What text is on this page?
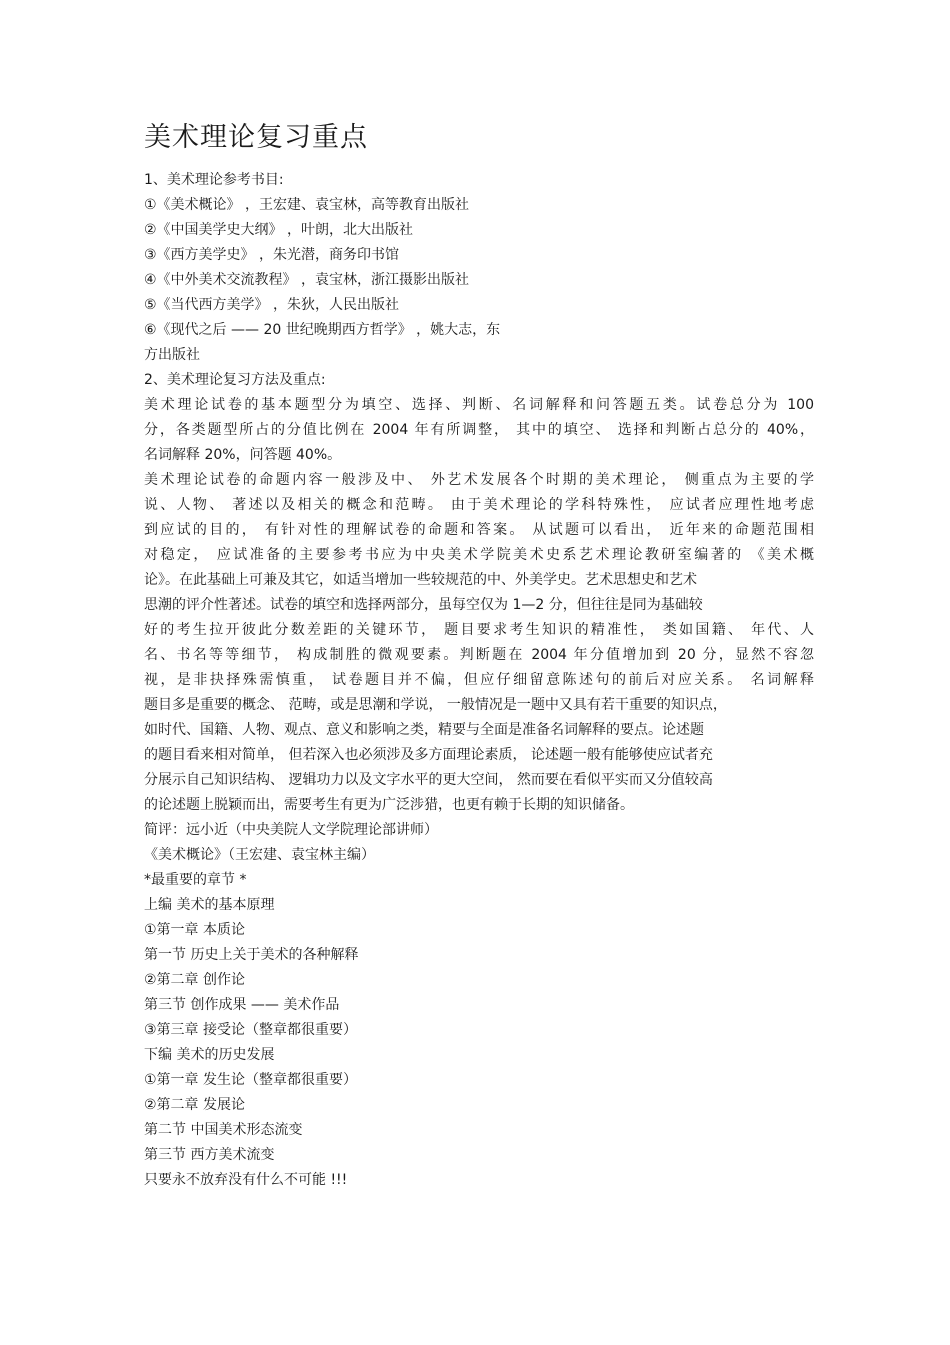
美术理论复习重点
1、美术理论参考书目:
①《美术概论》 ，王宏建、袁宝林，高等教育出版社
②《中国美学史大纲》 ，叶朗，北大出版社
③《西方美学史》 ，朱光潜，商务印书馆
④《中外美术交流教程》 ，袁宝林，浙江摄影出版社
⑤《当代西方美学》 ，朱狄，人民出版社
⑥《现代之后 —— 20 世纪晚期西方哲学》 ，姚大志，东
方出版社
2、美术理论复习方法及重点:
美术理论试卷的基本题型分为填空、选择、判断、名词解释和问答题五类。试卷总分为 100
分，各类题型所占的分值比例在 2004 年有所调整， 其中的填空、 选择和判断占总分的 40%，
名词解释 20%，问答题 40%。
美术理论试卷的命题内容一般涉及中、 外艺术发展各个时期的美术理论， 侧重点为主要的学
说、人物、 著述以及相关的概念和范畴。 由于美术理论的学科特殊性， 应试者应理性地考虑
到应试的目的， 有针对性的理解试卷的命题和答案。 从试题可以看出， 近年来的命题范围相
对稳定， 应试准备的主要参考书应为中央美术学院美术史系艺术理论教研室编著的 《美术概
论》。在此基础上可兼及其它，如适当增加一些较规范的中、外美学史。艺术思想史和艺术
思潮的评介性著述。试卷的填空和选择两部分，虽每空仅为 1—2 分，但往往是同为基础较
好的考生拉开彼此分数差距的关键环节， 题目要求考生知识的精准性， 类如国籍、 年代、人
名、书名等等细节， 构成制胜的微观要素。判断题在 2004 年分值增加到 20 分，显然不容忽
视，是非抉择殊需慎重， 试卷题目并不偏，但应仔细留意陈述句的前后对应关系。 名词解释
题目多是重要的概念、 范畴，或是思潮和学说， 一般情况是一题中又具有若干重要的知识点，
如时代、国籍、人物、观点、意义和影响之类，精要与全面是准备名词解释的要点。论述题
的题目看来相对简单， 但若深入也必须涉及多方面理论素质， 论述题一般有能够使应试者充
分展示自己知识结构、 逻辑功力以及文字水平的更大空间， 然而要在看似平实而又分值较高
的论述题上脱颖而出，需要考生有更为广泛涉猎，也更有赖于长期的知识储备。
简评：远小近（中央美院人文学院理论部讲师）
《美术概论》（王宏建、袁宝林主编）
*最重要的章节 *
上编 美术的基本原理
①第一章 本质论
第一节 历史上关于美术的各种解释
②第二章 创作论
第三节 创作成果 —— 美术作品
③第三章 接受论（整章都很重要）
下编 美术的历史发展
①第一章 发生论（整章都很重要）
②第二章 发展论
第二节 中国美术形态流变
第三节 西方美术流变
只要永不放弃没有什么不可能 !!!
